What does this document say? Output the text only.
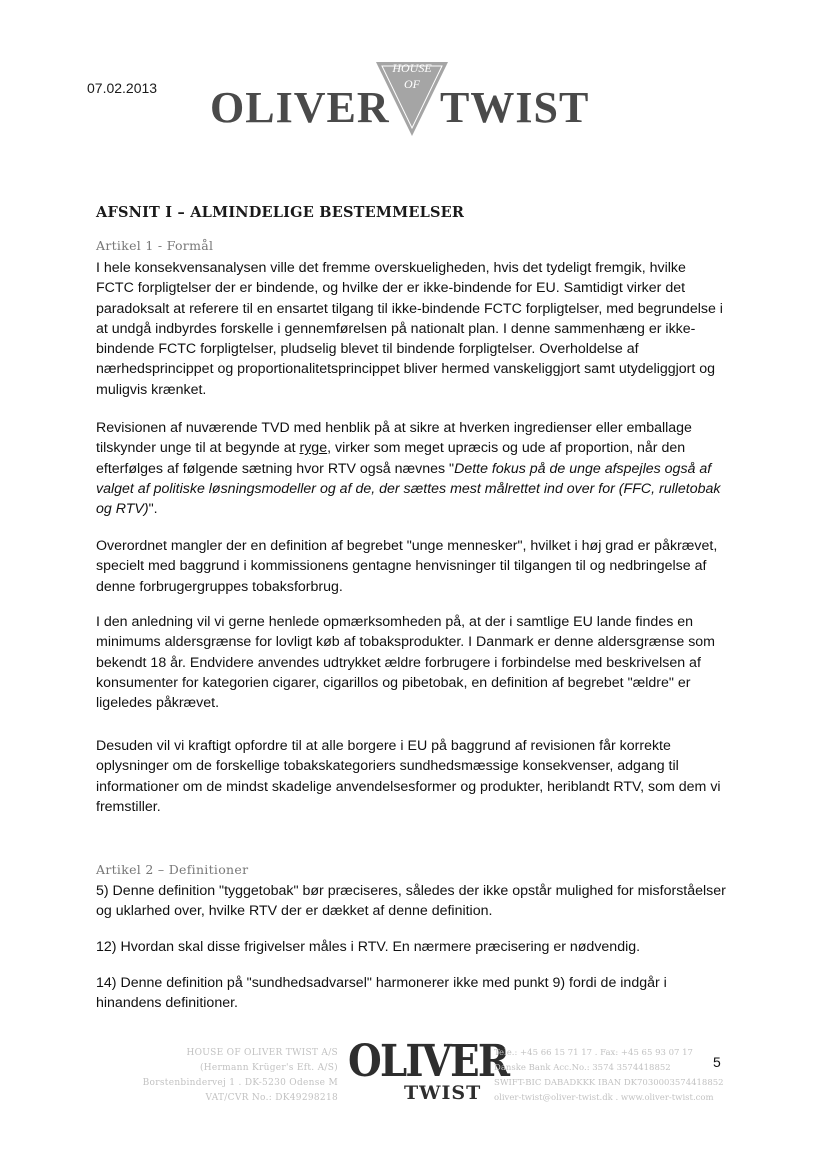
07.02.2013 OLIVER
HOUSE
OF TWIST
AFSNIT I – ALMINDELIGE BESTEMMELSER
Artikel 1 - Formål

I hele konsekvensanalysen ville det fremme overskueligheden, hvis det tydeligt fremgik, hvilke FCTC forpligtelser der er bindende, og hvilke der er ikke-bindende for EU. Samtidigt virker det paradoksalt at referere til en ensartet tilgang til ikke-bindende FCTC forpligtelser, med begrundelse i at undgå indbyrdes forskelle i gennemførelsen på nationalt plan. I denne sammenhæng er ikke-bindende FCTC forpligtelser, pludselig blevet til bindende forpligtelser. Overholdelse af nærhedsprincippet og proportionalitetsprincippet bliver hermed vanskeliggjort samt utydeliggjort og muligvis krænket.

Revisionen af nuværende TVD med henblik på at sikre at hverken ingredienser eller emballage tilskynder unge til at begynde at ryge, virker som meget upræcis og ude af proportion, når den efterfølges af følgende sætning hvor RTV også nævnes "Dette fokus på de unge afspejles også af valget af politiske løsningsmodeller og af de, der sættes mest målrettet ind over for (FFC, rulletobak og RTV)".

Overordnet mangler der en definition af begrebet "unge mennesker", hvilket i høj grad er påkrævet, specielt med baggrund i kommissionens gentagne henvisninger til tilgangen til og nedbringelse af denne forbrugergruppes tobaksforbrug.

I den anledning vil vi gerne henlede opmærksomheden på, at der i samtlige EU lande findes en minimums aldersgrænse for lovligt køb af tobaksprodukter. I Danmark er denne aldersgrænse som bekendt 18 år. Endvidere anvendes udtrykket ældre forbrugere i forbindelse med beskrivelsen af konsumenter for kategorien cigarer, cigarillos og pibetobak, en definition af begrebet "ældre" er ligeledes påkrævet.

Desuden vil vi kraftigt opfordre til at alle borgere i EU på baggrund af revisionen får korrekte oplysninger om de forskellige tobakskategoriers sundhedsmæssige konsekvenser, adgang til informationer om de mindst skadelige anvendelsesformer og produkter, heriblandt RTV, som dem vi fremstiller.

Artikel 2 – Definitioner

5) Denne definition "tyggetobak" bør præciseres, således der ikke opstår mulighed for misforståelser og uklarhed over, hvilke RTV der er dækket af denne definition.

12) Hvordan skal disse frigivelser måles i RTV. En nærmere præcisering er nødvendig.

14) Denne definition på "sundhedsadvarsel" harmonerer ikke med punkt 9) fordi de indgår i hinandens definitioner.

HOUSE OF OLIVER TWIST A/S
(Hermann Krüger's Eft. A/S)
Borstenbindervej 1 . DK-5230 Odense M
VAT/CVR No.: DK49298218
OLIVER
TWIST
Tele.: +45 66 15 71 17 . Fax: +45 65 93 07 17
Danske Bank Acc.No.: 3574 3574418852
SWIFT-BIC DABADKKK IBAN DK7030003574418852
oliver-twist@oliver-twist.dk . www.oliver-twist.com
5
